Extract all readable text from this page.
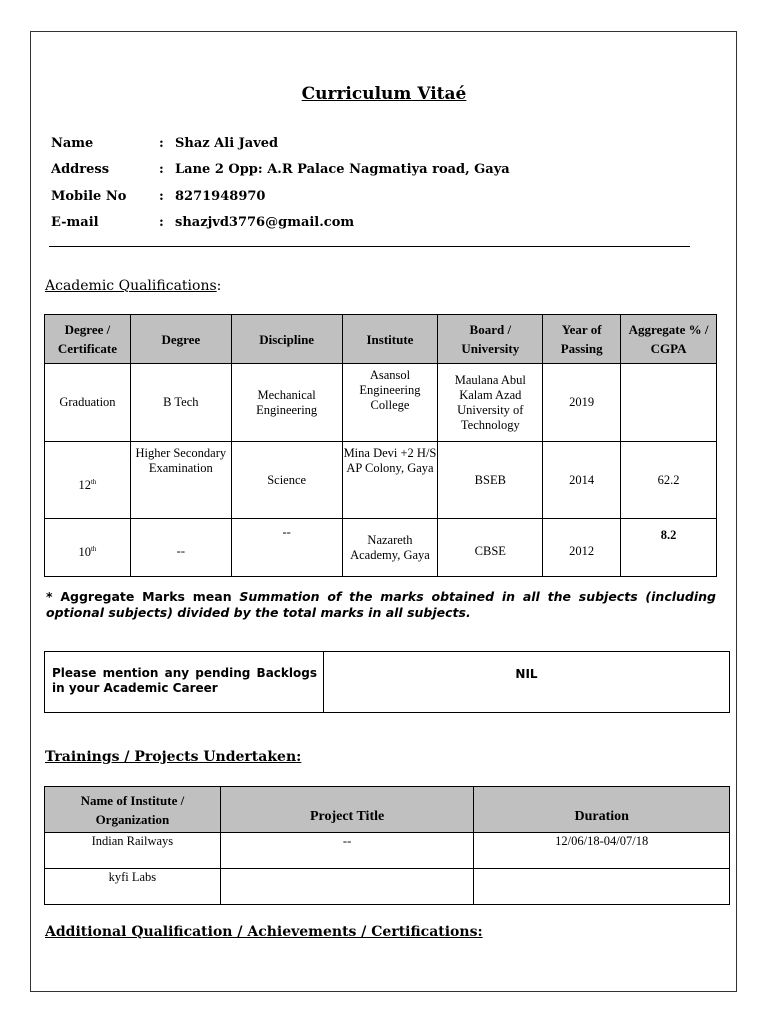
Curriculum Vitaé
Name	: Shaz Ali Javed
Address	: Lane 2 Opp: A.R Palace Nagmatiya road, Gaya
Mobile No	: 8271948970
E-mail	: shazjvd3776@gmail.com
Academic Qualifications:
Degree / Certificate	Degree	Discipline	Institute	Board / University	Year of Passing	Aggregate % / CGPA
Graduation	B Tech	Mechanical Engineering	Asansol Engineering College	Maulana Abul Kalam Azad University of Technology	2019	
12th	Higher Secondary Examination	Science	Mina Devi +2 H/S AP Colony, Gaya	BSEB	2014	62.2
10th	--	--	Nazareth Academy, Gaya	CBSE	2012	8.2
* Aggregate Marks mean Summation of the marks obtained in all the subjects (including optional subjects) divided by the total marks in all subjects.
Please mention any pending Backlogs in your Academic Career
NIL
Trainings / Projects Undertaken:
Name of Institute / Organization	Project Title	Duration
Indian Railways	--	12/06/18-04/07/18
kyfi Labs		
Additional Qualification / Achievements / Certifications:
